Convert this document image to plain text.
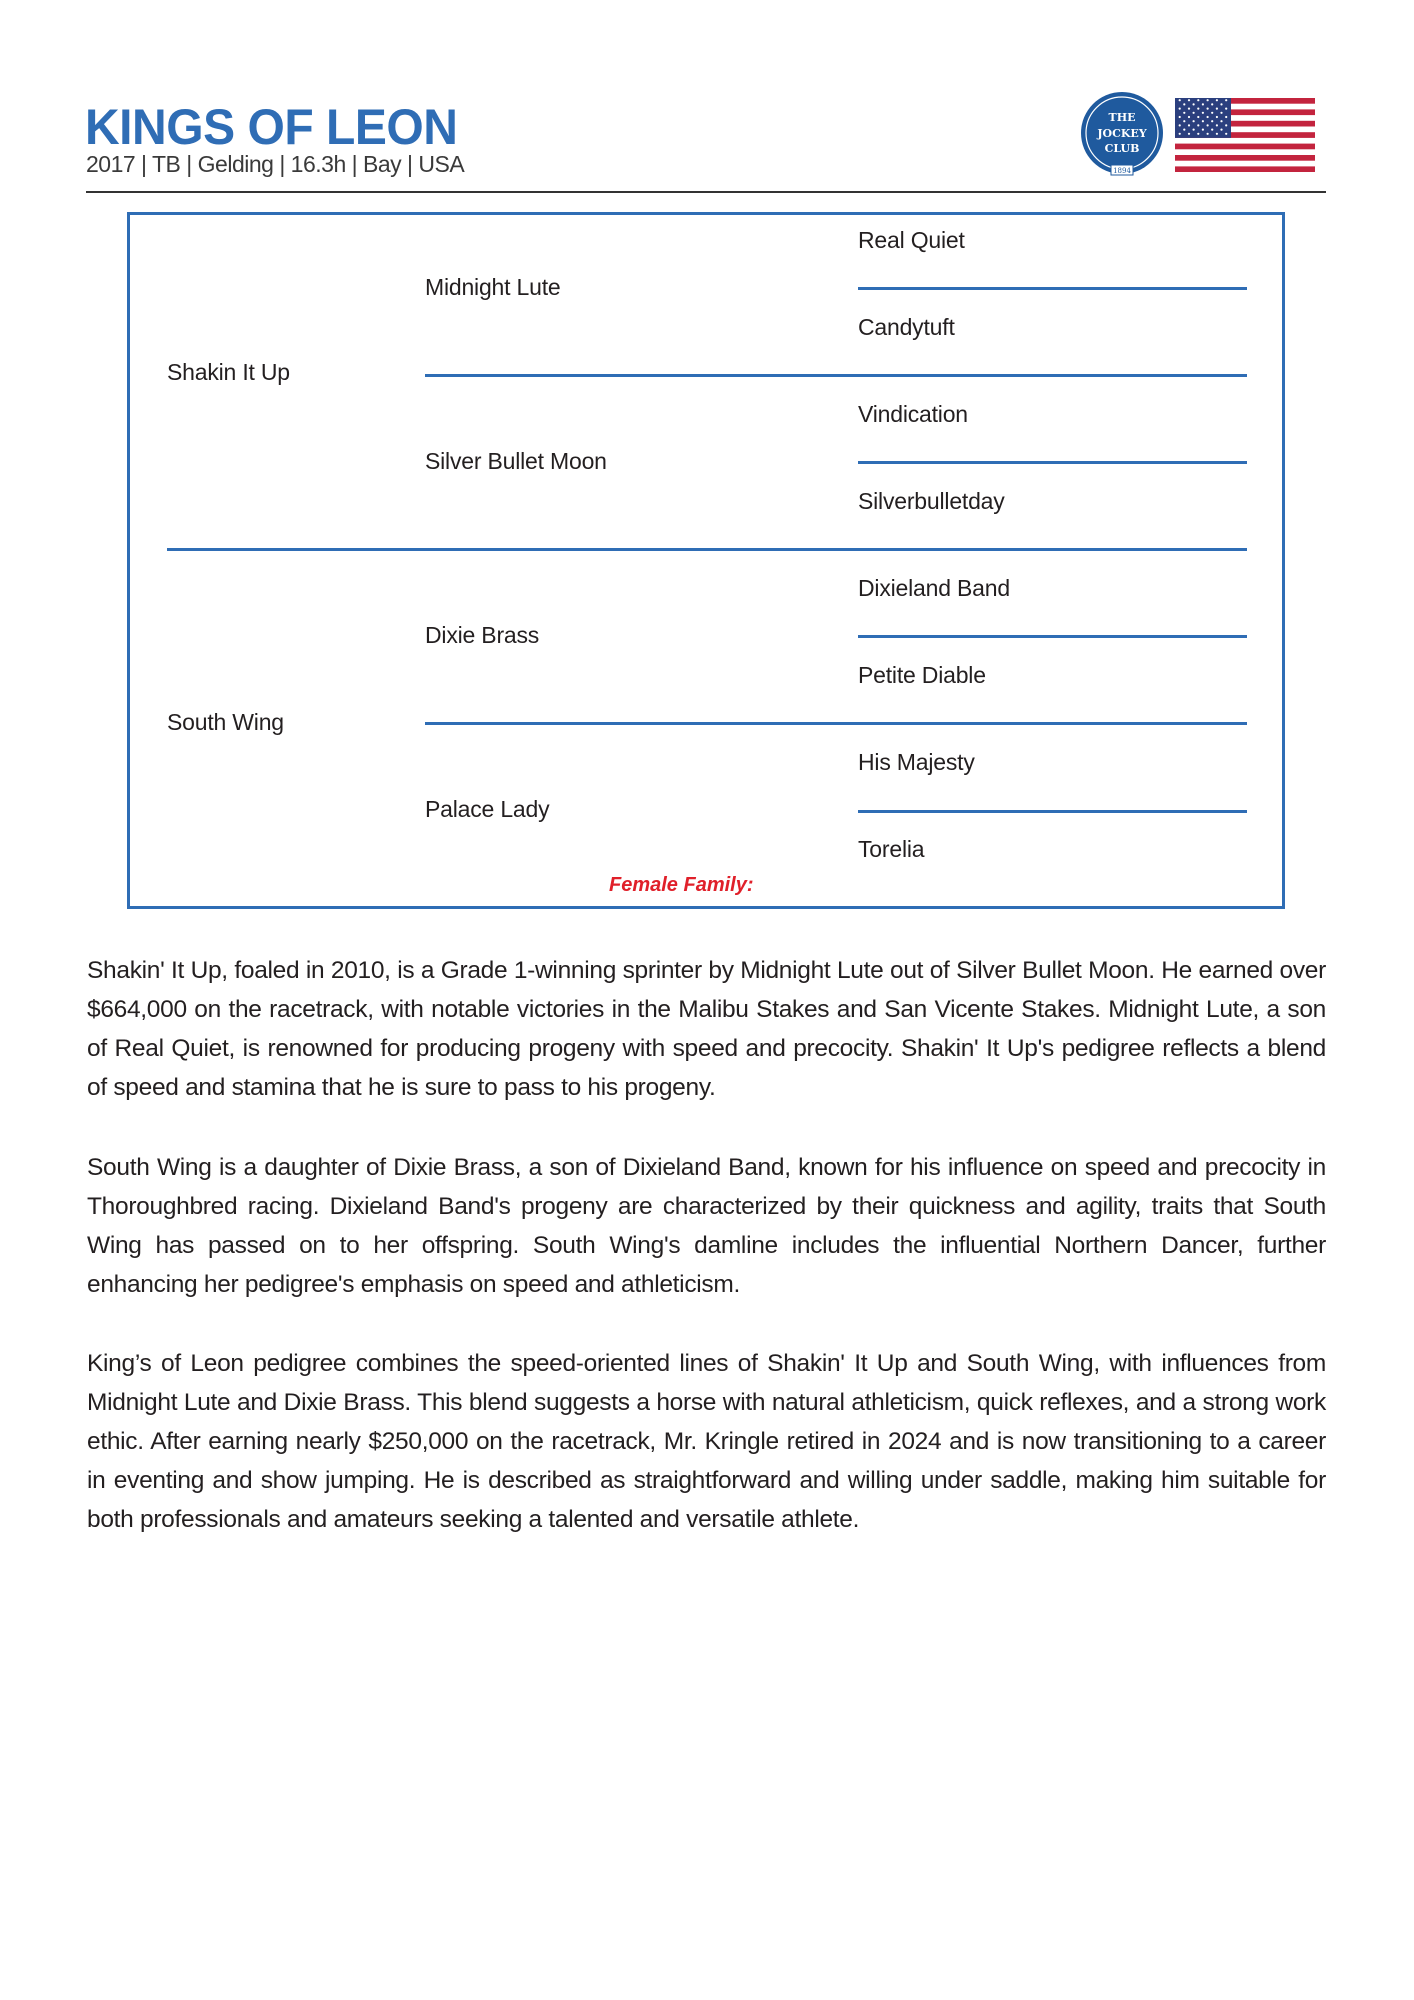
KINGS OF LEON
2017 | TB | Gelding | 16.3h | Bay | USA
THE
JOCKEY
CLUB
1894
Shakin It Up
South Wing
Midnight Lute
Silver Bullet Moon
Dixie Brass
Palace Lady
Real Quiet
Candytuft
Vindication
Silverbulletday
Dixieland Band
Petite Diable
His Majesty
Torelia
Female Family:
Shakin' It Up, foaled in 2010, is a Grade 1-winning sprinter by Midnight Lute out of Silver Bullet Moon. He earned over $664,000 on the racetrack, with notable victories in the Malibu Stakes and San Vicente Stakes. Midnight Lute, a son of Real Quiet, is renowned for producing progeny with speed and precocity. Shakin' It Up's pedigree reflects a blend of speed and stamina that he is sure to pass to his progeny.
South Wing is a daughter of Dixie Brass, a son of Dixieland Band, known for his influence on speed and precocity in Thoroughbred racing. Dixieland Band's progeny are characterized by their quickness and agility, traits that South Wing has passed on to her offspring. South Wing's damline includes the influential Northern Dancer, further enhancing her pedigree's emphasis on speed and athleticism.
King’s of Leon pedigree combines the speed-oriented lines of Shakin' It Up and South Wing, with influences from Midnight Lute and Dixie Brass. This blend suggests a horse with natural athleticism, quick reflexes, and a strong work ethic. After earning nearly $250,000 on the racetrack, Mr. Kringle retired in 2024 and is now transitioning to a career in eventing and show jumping. He is described as straightforward and willing under saddle, making him suitable for both professionals and amateurs seeking a talented and versatile athlete.
